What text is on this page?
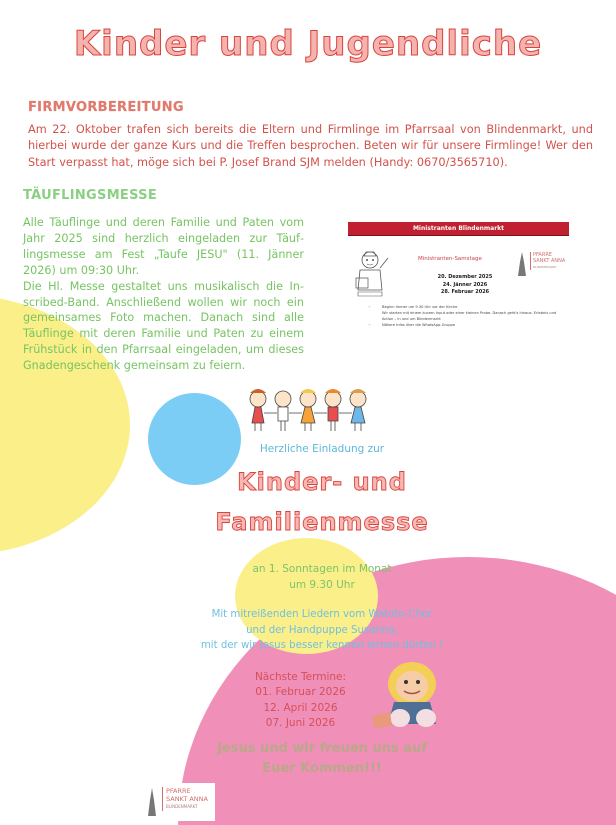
Kinder und Jugendliche
FIRMVORBEREITUNG

Am 22. Oktober trafen sich bereits die Eltern und Firmlinge im Pfarrsaal von Blindenmarkt, und hierbei wurde der ganze Kurs und die Treffen besprochen. Beten wir für unsere Firmlinge! Wer den Start verpasst hat, möge sich bei P. Josef Brand SJM melden (Handy: 0670/3565710).

TÄUFLINGSMESSE

Alle Täuflinge und deren Familie und Paten vom Jahr 2025 sind herzlich eingeladen zur Täuflingsmesse am Fest „Taufe JESU" (11. Jänner 2026) um 09:30 Uhr.

Die Hl. Messe gestaltet uns musikalisch die Inscribed-Band. Anschließend wollen wir noch ein gemeinsames Foto machen. Danach sind alle Täuflinge mit deren Familie und Paten zu einem Frühstück in den Pfarrsaal eingeladen, um dieses Gnadengeschenk gemeinsam zu feiern.

Ministranten Blindenmarkt
Ministranten-Samstage
20. Dezember 2025
24. Jänner 2026
28. Februar 2026
☞	Beginn immer um 9.30 Uhr vor der Kirche
Wir starten mit einem kurzen Input oder einer kleinen Probe. Danach geht's hinaus: Erlebnis und Action – in und um Blindenmarkt
☞	Nähere Infos über die WhatsApp-Gruppe
PFARRE
SANKT ANNA
BLINDENMARKT
Herzliche Einladung zur
Kinder- und
Familienmesse
an 1. Sonntagen im Monat
um 9.30 Uhr
Mit mitreißenden Liedern vom Watoto-Chor
und der Handpuppe Susanna,
mit der wir Jesus besser kennen lernen dürfen !
Nächste Termine:
01. Februar 2026
12. April 2026
07. Juni 2026
Jesus und wir freuen uns auf
Euer Kommen!!!
PFARRE
SANKT ANNA
BLINDENMARKT
